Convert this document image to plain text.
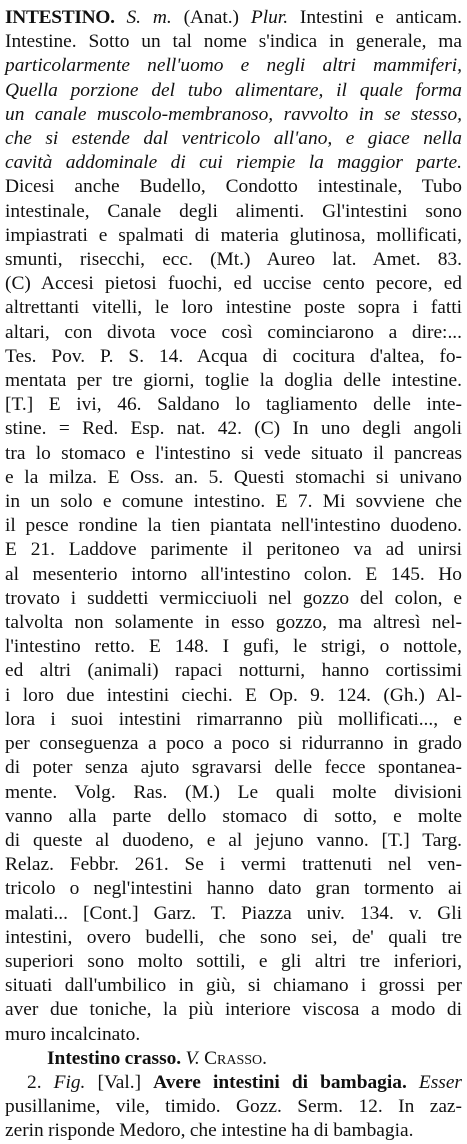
INTESTINO. S. m. (Anat.) Plur. Intestini e anticam.
Intestine. Sotto un tal nome s'indica in generale, ma
particolarmente nell'uomo e negli altri mammiferi,
Quella porzione del tubo alimentare, il quale forma
un canale muscolo-membranoso, ravvolto in se stesso,
che si estende dal ventricolo all'ano, e giace nella
cavità addominale di cui riempie la maggior parte.
Dicesi anche Budello, Condotto intestinale, Tubo
intestinale, Canale degli alimenti. Gl'intestini sono
impiastrati e spalmati di materia glutinosa, mollificati,
smunti, risecchi, ecc. (Mt.) Aureo lat. Amet. 83.
(C) Accesi pietosi fuochi, ed uccise cento pecore, ed
altrettanti vitelli, le loro intestine poste sopra i fatti
altari, con divota voce così cominciarono a dire:...
Tes. Pov. P. S. 14. Acqua di cocitura d'altea, fo-
mentata per tre giorni, toglie la doglia delle intestine.
[T.] E ivi, 46. Saldano lo tagliamento delle inte-
stine. = Red. Esp. nat. 42. (C) In uno degli angoli
tra lo stomaco e l'intestino si vede situato il pancreas
e la milza. E Oss. an. 5. Questi stomachi si univano
in un solo e comune intestino. E 7. Mi sovviene che
il pesce rondine la tien piantata nell'intestino duodeno.
E 21. Laddove parimente il peritoneo va ad unirsi
al mesenterio intorno all'intestino colon. E 145. Ho
trovato i suddetti vermicciuoli nel gozzo del colon, e
talvolta non solamente in esso gozzo, ma altresì nel-
l'intestino retto. E 148. I gufi, le strigi, o nottole,
ed altri (animali) rapaci notturni, hanno cortissimi
i loro due intestini ciechi. E Op. 9. 124. (Gh.) Al-
lora i suoi intestini rimarranno più mollificati..., e
per conseguenza a poco a poco si ridurranno in grado
di poter senza ajuto sgravarsi delle fecce spontanea-
mente. Volg. Ras. (M.) Le quali molte divisioni
vanno alla parte dello stomaco di sotto, e molte
di queste al duodeno, e al jejuno vanno. [T.] Targ.
Relaz. Febbr. 261. Se i vermi trattenuti nel ven-
tricolo o negl'intestini hanno dato gran tormento ai
malati... [Cont.] Garz. T. Piazza univ. 134. v. Gli
intestini, overo budelli, che sono sei, de' quali tre
superiori sono molto sottili, e gli altri tre inferiori,
situati dall'umbilico in giù, si chiamano i grossi per
aver due toniche, la più interiore viscosa a modo di
muro incalcinato.
Intestino crasso. V. Crasso.
2. Fig. [Val.] Avere intestini di bambagia. Esser
pusillanime, vile, timido. Gozz. Serm. 12. In zaz-
zerin risponde Medoro, che intestine ha di bambagia.
